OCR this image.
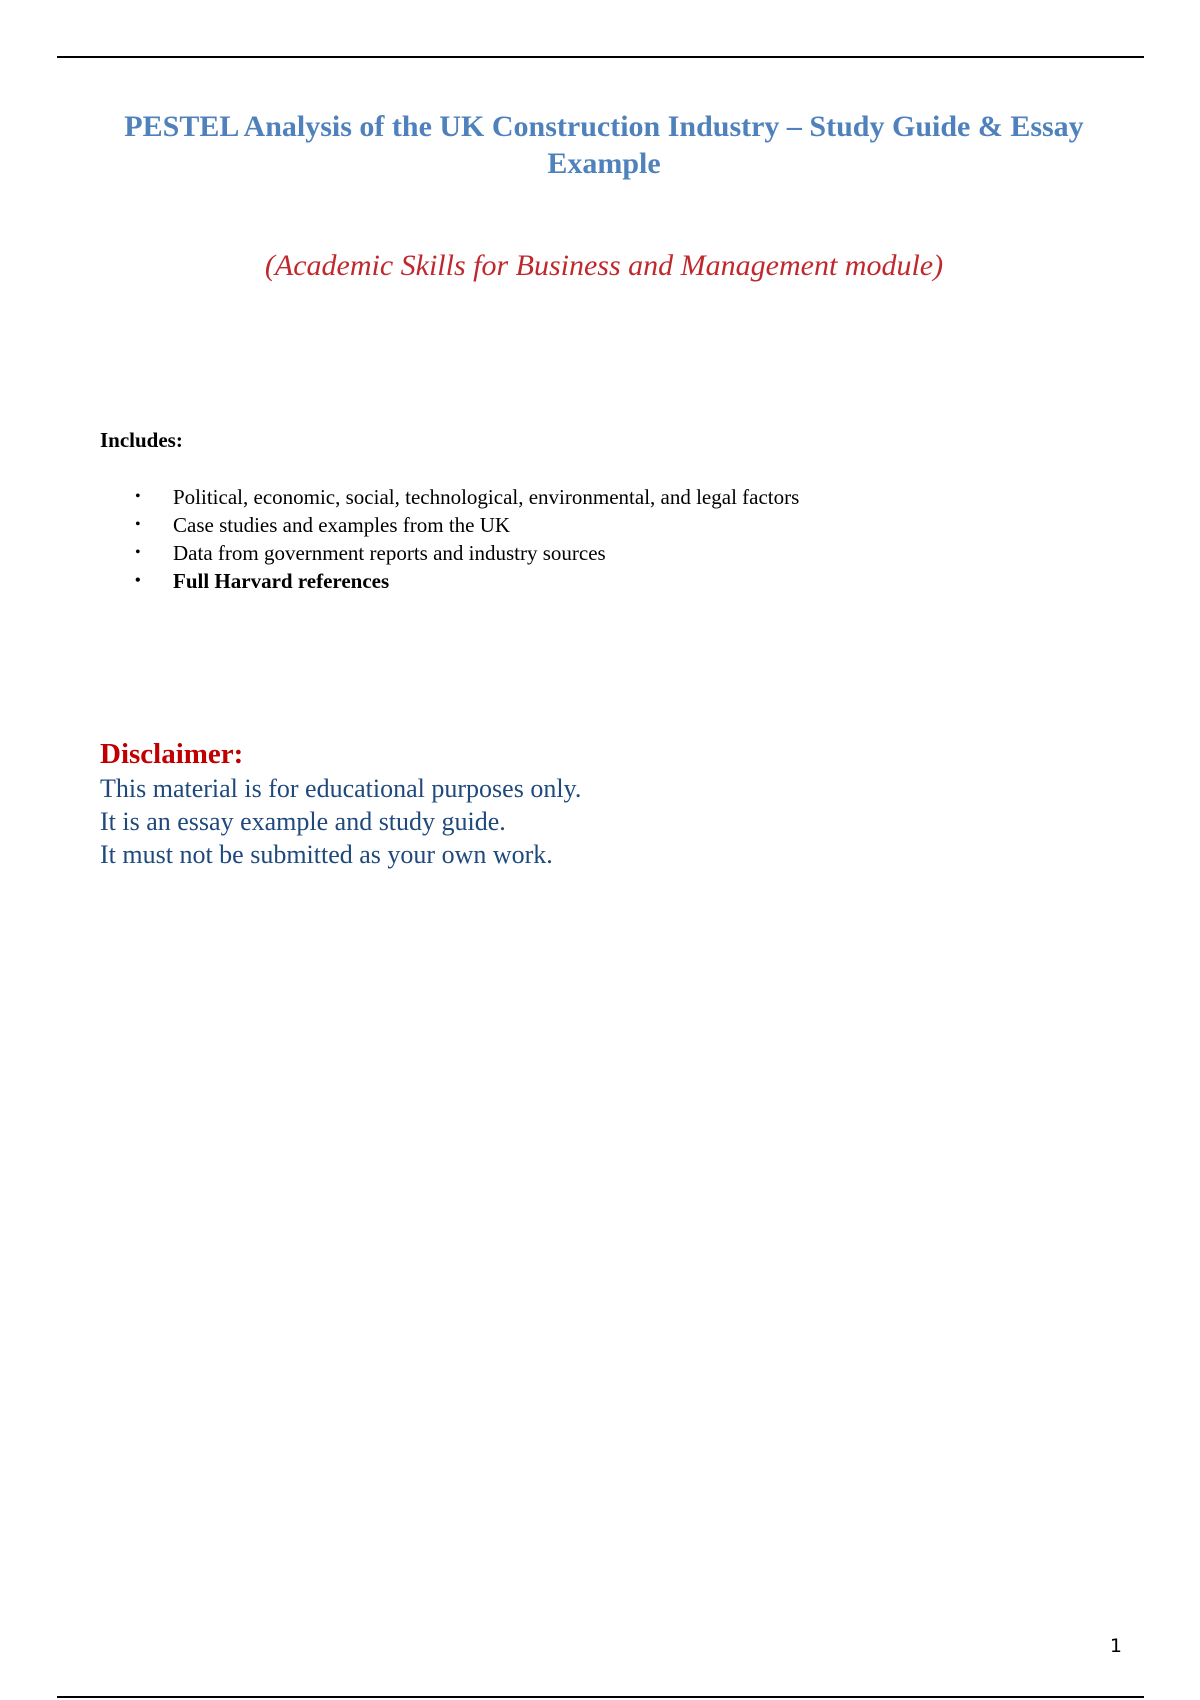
PESTEL Analysis of the UK Construction Industry – Study Guide & Essay Example

(Academic Skills for Business and Management module)

Includes:

• Political, economic, social, technological, environmental, and legal factors
• Case studies and examples from the UK
• Data from government reports and industry sources
• Full Harvard references

Disclaimer:

This material is for educational purposes only.
It is an essay example and study guide.
It must not be submitted as your own work.
1
